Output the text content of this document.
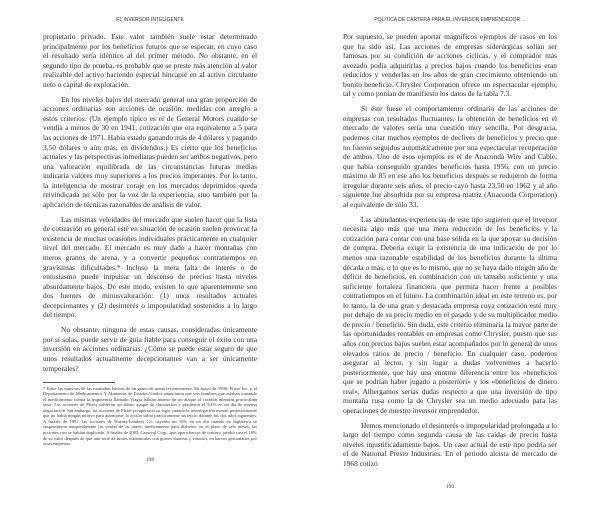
EL INVERSOR INTELIGENTE

propietario privado. Este valor también suele estar determinado principalmente por los beneficios futuros que se esperan, en cuyo caso el resultado sería idéntico al del primer método. No obstante, en el segundo tipo de prueba, es probable que se preste más atención al valor realizable del activo haciendo especial hincapié en al activo circulante neto o capital de explotación.

En los niveles bajos del mercado general una gran proporción de acciones ordinarias son acciones de ocasión, medidas con arreglo a estos criterios. (Un ejemplo típico es el de General Motors cuando se vendía a menos de 30 en 1941, cotización que era equivalente a 5 para las acciones de 1971. Había estado ganando más de 4 dólares y pagando 3,50 dólares o aún más, en dividendos.) Es cierto que los beneficios actuales y las perspectivas inmediatas pueden ser ambos negativos, pero una valoración equilibrada de las circunstancias futuras medias indicaría valores muy superiores a los precios imperantes. Por lo tanto, la inteligencia de mostrar coraje en los mercados deprimidos queda reivindicada no sólo por la voz de la experiencia, sino también por la aplicación de técnicas razonables de análisis de valor.

Las mismas veleidades del mercado que suelen hacer que la lista de cotización en general esté en situación de ocasión suelen provocar la existencia de muchas ocasiones individuales prácticamente en cualquier nivel del mercado. El mercado es muy dado a hacer montañas con meros granos de arena, y a convertir pequeños contratiempos en gravísimas dificultades.* Incluso la mera falta de interés o de entusiasmo puede impulsar un descenso de precios hasta niveles absurdamente bajos. De este modo, existen lo que aparentemente son dos fuentes de minusvaloración: (1) unos resultados actuales decepcionantes y (2) desinterés o impopularidad sostenidos a lo largo del tiempo.

No obstante, ninguna de estas causas, consideradas únicamente por sí solas, puede servir de guía fiable para conseguir el éxito con una inversión en acciones ordinarias. ¿Cómo se puede estar seguro de que unos resultados actualmente decepcionantes van a ser únicamente temporales?

* Entre las mayores de las montañas hechas de un grano de arena recientemente. En mayo de 1998, Pfizer Inc. y el Departamento de Medicamentos Y Alimentos de Estados Unidos anunciaron que seis hombres que estaban tomando el medicamento contra la impotencia llamado Viagra habían muerto de un ataque al corazón mientras practicaban sexo. Las acciones de Pfizer sufrieron un súbito ataque de fluctuación y perdieron el 3,4% en un día de intensa negociación. Sin embargo, las acciones de Pfizer recuperaron su vigor cuando la investigación mostró posteriormente que no había ningún motivo para alarmarse; la acción subió prácticamente un tercio durante los dos años siguientes. A finales de 1997, las acciones de Warner-Lambert Co. cayeron un 16% en un día cuando en Inglaterra se suspendieron temporalmente las ventas de su nuevo medicamento para diabetes; en el plazo de seis meses, las acciones casi se habían duplicado. A finales de 2003, Carnival Corp., que opera barcos de crucero, perdió casi el 10% de su valor después de que una serie de brotes estomacales con graves diarreas y vómitos, en barcos gestionados por otras empresas.
198
POLÍTICA DE CARTERA PARA EL INVERSOR EMPRENDEDOR:...

Por supuesto, se pueden aportar magníficos ejemplos de casos en los que ha sido así. Las acciones de empresas siderúrgicas solían ser famosas por su condición de acciones cíclicas, y el comprador más avezado podía adquirirlas a precios bajos cuando los beneficios eran reducidos y venderlas en los años de gran crecimiento obteniendo un bonito beneficio. Chrysler Corporation ofrece un espectacular ejemplo, tal y como ponían de manifiesto los datos de la tabla 7.3.

Si éste fuese el comportamiento ordinario de las acciones de empresas con resultados fluctuantes, la obtención de beneficios en el mercado de valores sería una cuestión muy sencilla. Por desgracia, podemos citar muchos ejemplos de declives de beneficios y precio que no fueron seguidos automáticamente por una espectacular recuperación de ambos. Uno de esos ejemplos es el de Anaconda Wire and Cable, que había conseguido grandes beneficios hasta 1956, con un precio máximo de 85 en ese año los beneficios después se redujeron de forma irregular durante seis años, el precio cayó hasta 23,50 en 1962 y al año siguiente fue absorbida por su empresa matriz (Anaconda Corporation) al equivalente de sólo 33.

Las abundantes experiencias de este tipo sugieren que el inversor necesita algo más que una mera reducción de los beneficios y la cotización para contar con una base sólida en la que apoyar su decisión de compra. Debería exigir la existencia de una indicación de por lo menos una razonable estabilidad de los beneficios durante la última década o más, o lo que es lo mismo, que no se haya dado ningún año de déficit de beneficios, en combinación con un tamaño suficiente y una suficiente fortaleza financiera que permita hacer frente a posibles contratiempos en el futuro. La combinación ideal en este terreno es, por lo tanto, la de una gran y destacada empresa cuya cotización esté muy por debajo de su precio medio en el pasado y de su multiplicador medio de precio / beneficio. Sin duda, este criterio eliminaría la mayor parte de las oportunidades rentables en empresas como Chrysler, puesto que sus años con precios bajos suelen estar acompañados por lo general de unos elevados ratios de precio / beneficio. En cualquier caso, podemos asegurar al lector, y sin lugar a dudas volveremos a hacerlo posteriormente, que hay una enorme diferencia entre los «beneficios que se podrían haber jugado a posteriori» y los «beneficios de dinero real». Albergamos serias dudas respecto a que una inversión de tipo montaña rusa como la de Chrysler sea un medio adecuado para las operaciones de nuestro inversor emprendedor.

Hemos mencionado el desinterés o impopularidad prolongada a lo largo del tiempo como segunda causa de las caídas de precio hasta niveles injustificadamente bajos. Un caso actual de este tipo podría ser el de National Presto Industries. En el periodo alcista de mercado de 1968 cotizó

199
